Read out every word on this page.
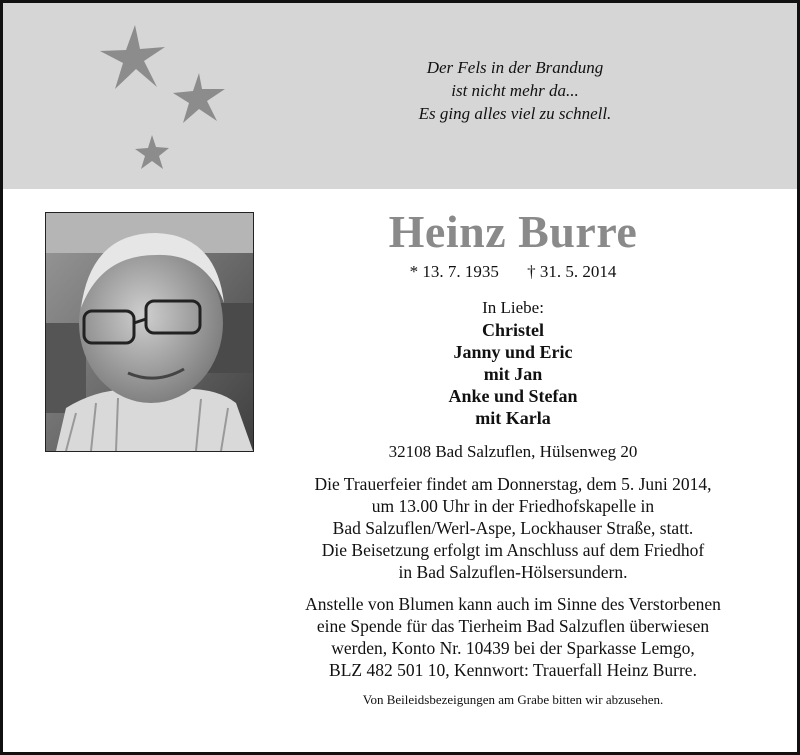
Der Fels in der Brandung
ist nicht mehr da...
Es ging alles viel zu schnell.
Heinz Burre
* 13. 7. 1935 † 31. 5. 2014
In Liebe:
Christel
Janny und Eric
mit Jan
Anke und Stefan
mit Karla
32108 Bad Salzuflen, Hülsenweg 20
Die Trauerfeier findet am Donnerstag, dem 5. Juni 2014,
um 13.00 Uhr in der Friedhofskapelle in
Bad Salzuflen/Werl-Aspe, Lockhauser Straße, statt.
Die Beisetzung erfolgt im Anschluss auf dem Friedhof
in Bad Salzuflen-Hölsersundern.
Anstelle von Blumen kann auch im Sinne des Verstorbenen
eine Spende für das Tierheim Bad Salzuflen überwiesen
werden, Konto Nr. 10439 bei der Sparkasse Lemgo,
BLZ 482 501 10, Kennwort: Trauerfall Heinz Burre.
Von Beileidsbezeigungen am Grabe bitten wir abzusehen.
